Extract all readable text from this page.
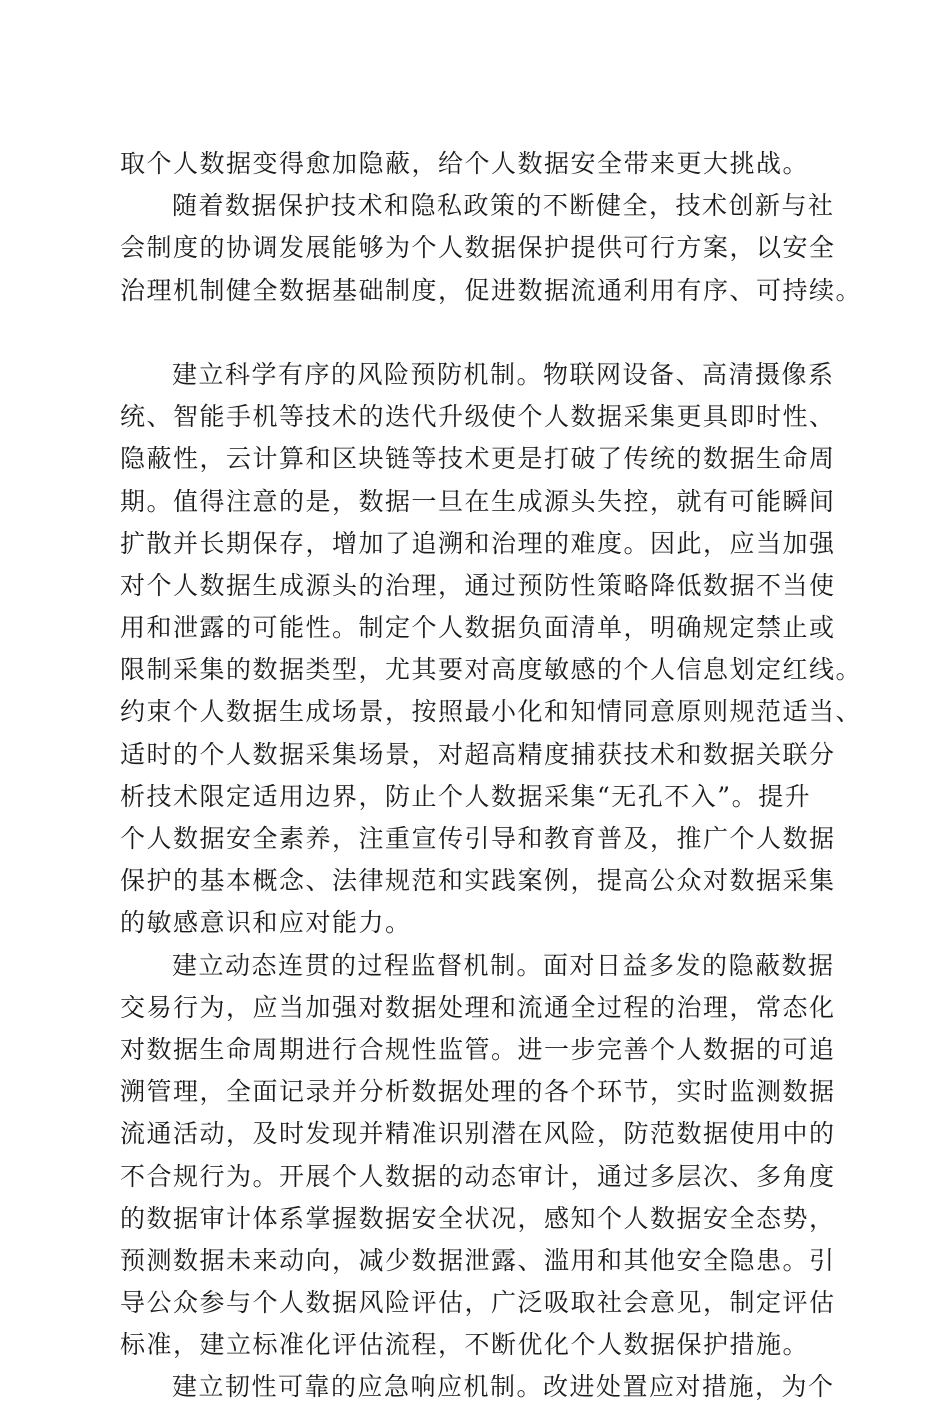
取个人数据变得愈加隐蔽，给个人数据安全带来更大挑战。
随着数据保护技术和隐私政策的不断健全，技术创新与社
会制度的协调发展能够为个人数据保护提供可行方案，以安全
治理机制健全数据基础制度，促进数据流通利用有序、可持续。
建立科学有序的风险预防机制。物联网设备、高清摄像系
统、智能手机等技术的迭代升级使个人数据采集更具即时性、
隐蔽性，云计算和区块链等技术更是打破了传统的数据生命周
期。值得注意的是，数据一旦在生成源头失控，就有可能瞬间
扩散并长期保存，增加了追溯和治理的难度。因此，应当加强
对个人数据生成源头的治理，通过预防性策略降低数据不当使
用和泄露的可能性。制定个人数据负面清单，明确规定禁止或
限制采集的数据类型，尤其要对高度敏感的个人信息划定红线。
约束个人数据生成场景，按照最小化和知情同意原则规范适当、
适时的个人数据采集场景，对超高精度捕获技术和数据关联分
析技术限定适用边界，防止个人数据采集“无孔不入”。提升
个人数据安全素养，注重宣传引导和教育普及，推广个人数据
保护的基本概念、法律规范和实践案例，提高公众对数据采集
的敏感意识和应对能力。
建立动态连贯的过程监督机制。面对日益多发的隐蔽数据
交易行为，应当加强对数据处理和流通全过程的治理，常态化
对数据生命周期进行合规性监管。进一步完善个人数据的可追
溯管理，全面记录并分析数据处理的各个环节，实时监测数据
流通活动，及时发现并精准识别潜在风险，防范数据使用中的
不合规行为。开展个人数据的动态审计，通过多层次、多角度
的数据审计体系掌握数据安全状况，感知个人数据安全态势，
预测数据未来动向，减少数据泄露、滥用和其他安全隐患。引
导公众参与个人数据风险评估，广泛吸取社会意见，制定评估
标准，建立标准化评估流程，不断优化个人数据保护措施。
建立韧性可靠的应急响应机制。改进处置应对措施，为个
